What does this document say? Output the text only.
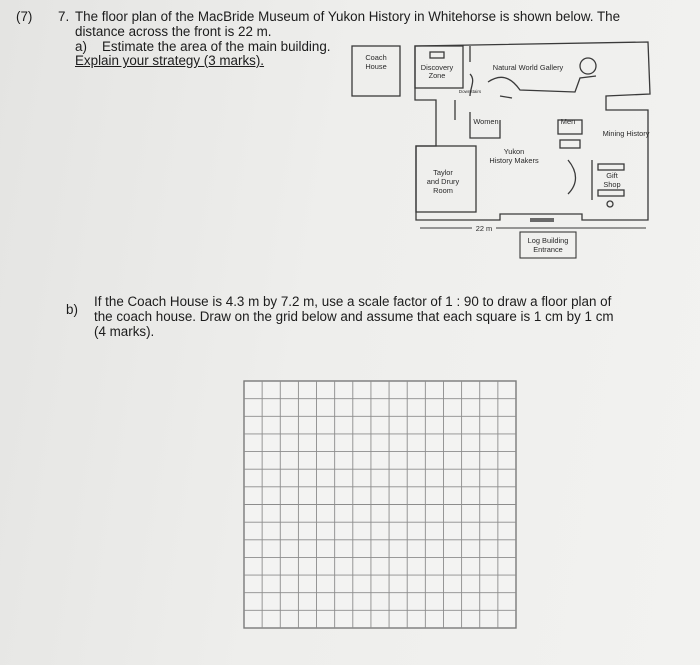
(7) 7. The floor plan of the MacBride Museum of Yukon History in Whitehorse is shown below. The
distance across the front is 22 m.
a) Estimate the area of the main building.
Explain your strategy (3 marks).	Coach
House	Discovery
Zone
Natural World Gallery
Women	Men
Mining History
Yukon
History Makers
Taylor
and Drury
Room
Gift
Shop
22 m
Log Building
Entrance
Downstairs
b)
If the Coach House is 4.3 m by 7.2 m, use a scale factor of 1 : 90 to draw a floor plan of
the coach house. Draw on the grid below and assume that each square is 1 cm by 1 cm
(4 marks).
